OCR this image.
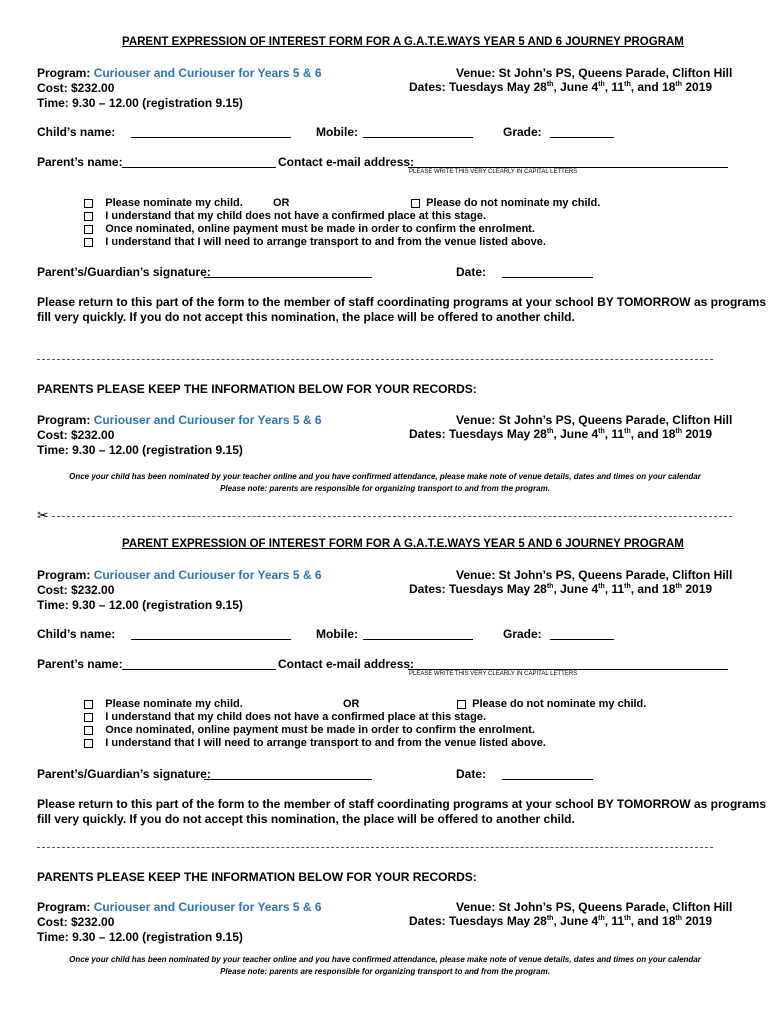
PARENT EXPRESSION OF INTEREST FORM FOR A G.A.T.E.WAYS YEAR 5 AND 6 JOURNEY PROGRAM
Program: Curiouser and Curiouser for Years 5 & 6
Cost: $232.00
Time: 9.30 – 12.00 (registration 9.15)
Venue: St John’s PS, Queens Parade, Clifton Hill
Dates: Tuesdays May 28th, June 4th, 11th, and 18th 2019
Child’s name:	Mobile:	Grade:
Parent’s name:	Contact e-mail address:
PLEASE WRITE THIS VERY CLEARLY IN CAPITAL LETTERS
Please nominate my child.	OR	Please do not nominate my child.
I understand that my child does not have a confirmed place at this stage.
Once nominated, online payment must be made in order to confirm the enrolment.
I understand that I will need to arrange transport to and from the venue listed above.
Parent’s/Guardian’s signature:	Date:
Please return to this part of the form to the member of staff coordinating programs at your school BY TOMORROW as programs
fill very quickly. If you do not accept this nomination, the place will be offered to another child.
PARENTS PLEASE KEEP THE INFORMATION BELOW FOR YOUR RECORDS:
Program: Curiouser and Curiouser for Years 5 & 6
Cost: $232.00
Time: 9.30 – 12.00 (registration 9.15)
Venue: St John’s PS, Queens Parade, Clifton Hill
Dates: Tuesdays May 28th, June 4th, 11th, and 18th 2019
Once your child has been nominated by your teacher online and you have confirmed attendance, please make note of venue details, dates and times on your calendar
Please note: parents are responsible for organizing transport to and from the program.
✂
PARENT EXPRESSION OF INTEREST FORM FOR A G.A.T.E.WAYS YEAR 5 AND 6 JOURNEY PROGRAM
Program: Curiouser and Curiouser for Years 5 & 6
Cost: $232.00
Time: 9.30 – 12.00 (registration 9.15)
Venue: St John’s PS, Queens Parade, Clifton Hill
Dates: Tuesdays May 28th, June 4th, 11th, and 18th 2019
Child’s name:	Mobile:	Grade:
Parent’s name:	Contact e-mail address:
PLEASE WRITE THIS VERY CLEARLY IN CAPITAL LETTERS
Please nominate my child.	OR	Please do not nominate my child.
I understand that my child does not have a confirmed place at this stage.
Once nominated, online payment must be made in order to confirm the enrolment.
I understand that I will need to arrange transport to and from the venue listed above.
Parent’s/Guardian’s signature:	Date:
Please return to this part of the form to the member of staff coordinating programs at your school BY TOMORROW as programs
fill very quickly. If you do not accept this nomination, the place will be offered to another child.
PARENTS PLEASE KEEP THE INFORMATION BELOW FOR YOUR RECORDS:
Program: Curiouser and Curiouser for Years 5 & 6
Cost: $232.00
Time: 9.30 – 12.00 (registration 9.15)
Venue: St John’s PS, Queens Parade, Clifton Hill
Dates: Tuesdays May 28th, June 4th, 11th, and 18th 2019
Once your child has been nominated by your teacher online and you have confirmed attendance, please make note of venue details, dates and times on your calendar
Please note: parents are responsible for organizing transport to and from the program.
